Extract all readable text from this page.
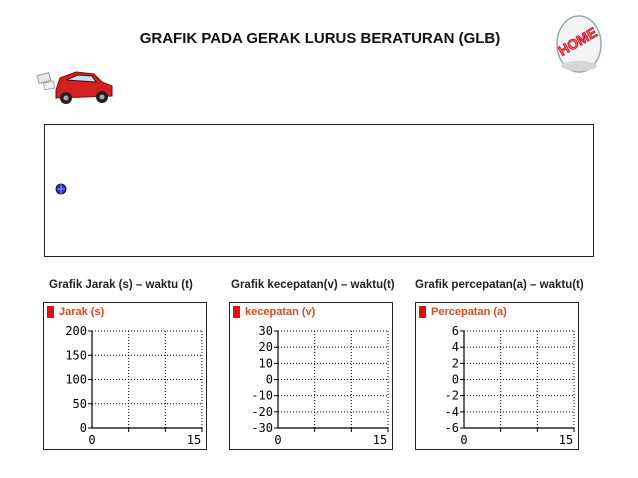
GRAFIK PADA GERAK LURUS BERATURAN (GLB)	HOME
Grafik Jarak (s) – waktu (t)	Grafik kecepatan(v) – waktu(t) Grafik percepatan(a) – waktu(t)
Jarak (s)
200
150
100
50
0
0	15
kecepatan (v)
30
20
10
0
-10
-20
-30
0	15
Percepatan (a)
6
4
2
0
-2
-4
-6
0	15
